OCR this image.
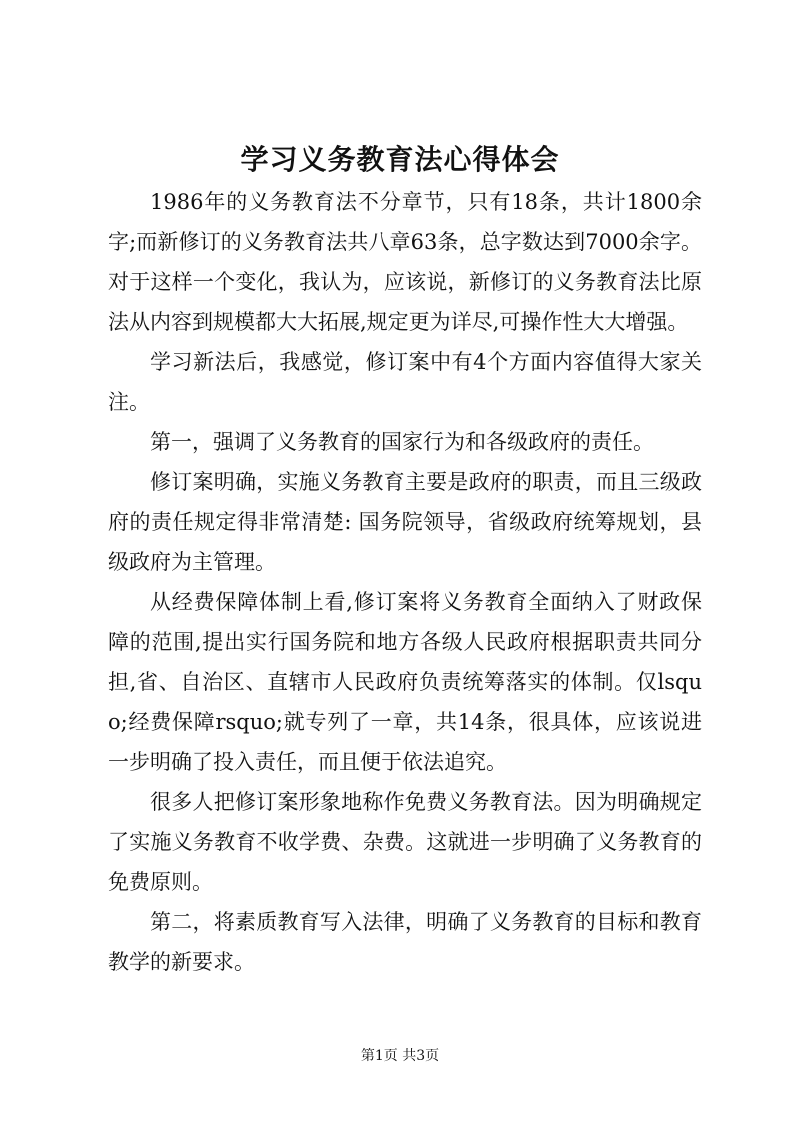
学习义务教育法心得体会

1986年的义务教育法不分章节，只有18条，共计1800余字;而新修订的义务教育法共八章63条，总字数达到7000余字。对于这样一个变化，我认为，应该说，新修订的义务教育法比原法从内容到规模都大大拓展,规定更为详尽,可操作性大大增强。

学习新法后，我感觉，修订案中有4个方面内容值得大家关注。

第一，强调了义务教育的国家行为和各级政府的责任。

修订案明确，实施义务教育主要是政府的职责，而且三级政府的责任规定得非常清楚: 国务院领导，省级政府统筹规划，县级政府为主管理。

从经费保障体制上看,修订案将义务教育全面纳入了财政保障的范围,提出实行国务院和地方各级人民政府根据职责共同分担,省、自治区、直辖市人民政府负责统筹落实的体制。仅lsquo;经费保障rsquo;就专列了一章，共14条，很具体，应该说进一步明确了投入责任，而且便于依法追究。

很多人把修订案形象地称作免费义务教育法。因为明确规定了实施义务教育不收学费、杂费。这就进一步明确了义务教育的免费原则。

第二，将素质教育写入法律，明确了义务教育的目标和教育教学的新要求。

第1页 共3页
